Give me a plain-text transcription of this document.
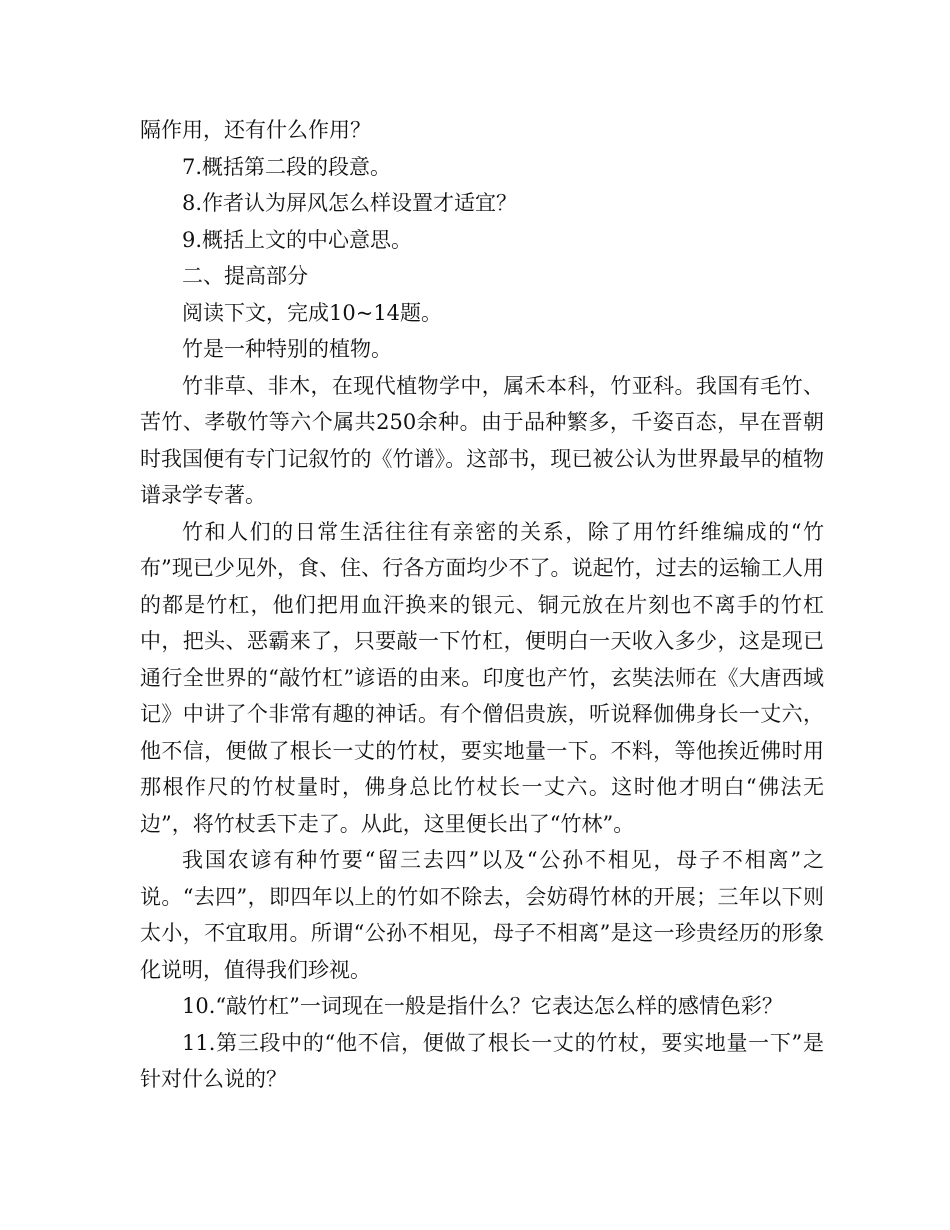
隔作用，还有什么作用？

7.概括第二段的段意。

8.作者认为屏风怎么样设置才适宜？

9.概括上文的中心意思。

二、提高部分

阅读下文，完成10~14题。

竹是一种特别的植物。

竹非草、非木，在现代植物学中，属禾本科，竹亚科。我国有毛竹、苦竹、孝敬竹等六个属共250余种。由于品种繁多，千姿百态，早在晋朝时我国便有专门记叙竹的《竹谱》。这部书，现已被公认为世界最早的植物谱录学专著。

竹和人们的日常生活往往有亲密的关系，除了用竹纤维编成的“竹布”现已少见外，食、住、行各方面均少不了。说起竹，过去的运输工人用的都是竹杠，他们把用血汗换来的银元、铜元放在片刻也不离手的竹杠中，把头、恶霸来了，只要敲一下竹杠，便明白一天收入多少，这是现已通行全世界的“敲竹杠”谚语的由来。印度也产竹，玄奘法师在《大唐西域记》中讲了个非常有趣的神话。有个僧侣贵族，听说释伽佛身长一丈六，他不信，便做了根长一丈的竹杖，要实地量一下。不料，等他挨近佛时用那根作尺的竹杖量时，佛身总比竹杖长一丈六。这时他才明白“佛法无边”，将竹杖丢下走了。从此，这里便长出了“竹林”。

我国农谚有种竹要“留三去四”以及“公孙不相见，母子不相离”之说。“去四”，即四年以上的竹如不除去，会妨碍竹林的开展；三年以下则太小，不宜取用。所谓“公孙不相见，母子不相离”是这一珍贵经历的形象化说明，值得我们珍视。

10.“敲竹杠”一词现在一般是指什么？它表达怎么样的感情色彩？

11.第三段中的“他不信，便做了根长一丈的竹杖，要实地量一下”是针对什么说的？
